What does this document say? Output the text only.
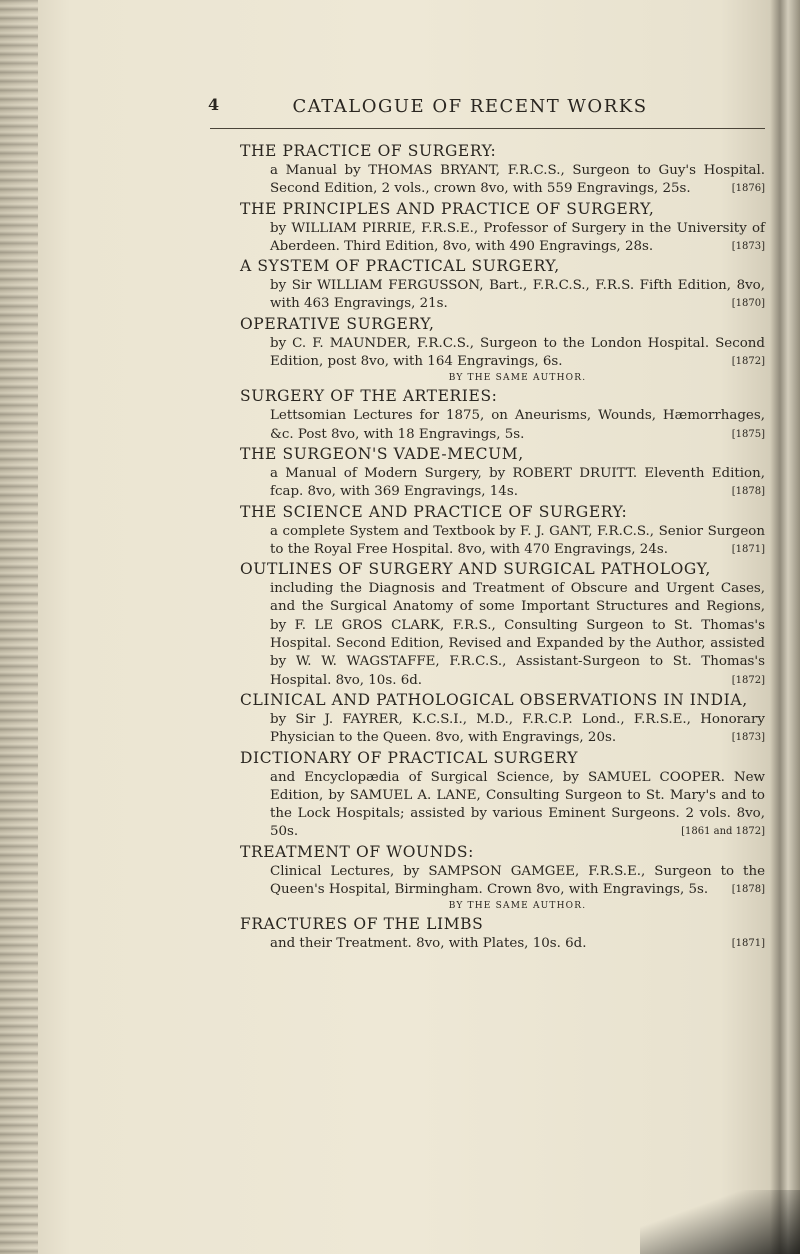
4	CATALOGUE OF RECENT WORKS
THE PRACTICE OF SURGERY:
a Manual by THOMAS BRYANT, F.R.C.S., Surgeon to Guy's Hospital. Second Edition, 2 vols., crown 8vo, with 559 Engravings, 25s.	[1876]
THE PRINCIPLES AND PRACTICE OF SURGERY,
by WILLIAM PIRRIE, F.R.S.E., Professor of Surgery in the University of Aberdeen. Third Edition, 8vo, with 490 Engravings, 28s.	[1873]
A SYSTEM OF PRACTICAL SURGERY,
by Sir WILLIAM FERGUSSON, Bart., F.R.C.S., F.R.S. Fifth Edition, 8vo, with 463 Engravings, 21s.	[1870]
OPERATIVE SURGERY,
by C. F. MAUNDER, F.R.C.S., Surgeon to the London Hospital. Second Edition, post 8vo, with 164 Engravings, 6s.	[1872]
BY THE SAME AUTHOR.
SURGERY OF THE ARTERIES:
Lettsomian Lectures for 1875, on Aneurisms, Wounds, Hæmorrhages, &c. Post 8vo, with 18 Engravings, 5s.	[1875]
THE SURGEON'S VADE-MECUM,
a Manual of Modern Surgery, by ROBERT DRUITT. Eleventh Edition, fcap. 8vo, with 369 Engravings, 14s.	[1878]
THE SCIENCE AND PRACTICE OF SURGERY:
a complete System and Textbook by F. J. GANT, F.R.C.S., Senior Surgeon to the Royal Free Hospital. 8vo, with 470 Engravings, 24s.	[1871]
OUTLINES OF SURGERY AND SURGICAL PATHOLOGY,
including the Diagnosis and Treatment of Obscure and Urgent Cases, and the Surgical Anatomy of some Important Structures and Regions, by F. LE GROS CLARK, F.R.S., Consulting Surgeon to St. Thomas's Hospital. Second Edition, Revised and Expanded by the Author, assisted by W. W. WAGSTAFFE, F.R.C.S., Assistant-Surgeon to St. Thomas's Hospital. 8vo, 10s. 6d.	[1872]
CLINICAL AND PATHOLOGICAL OBSERVATIONS IN INDIA,
by Sir J. FAYRER, K.C.S.I., M.D., F.R.C.P. Lond., F.R.S.E., Honorary Physician to the Queen. 8vo, with Engravings, 20s.	[1873]
DICTIONARY OF PRACTICAL SURGERY
and Encyclopædia of Surgical Science, by SAMUEL COOPER. New Edition, by SAMUEL A. LANE, Consulting Surgeon to St. Mary's and to the Lock Hospitals; assisted by various Eminent Surgeons. 2 vols. 8vo, 50s.	[1861 and 1872]
TREATMENT OF WOUNDS:
Clinical Lectures, by SAMPSON GAMGEE, F.R.S.E., Surgeon to the Queen's Hospital, Birmingham. Crown 8vo, with Engravings, 5s. [1878]
BY THE SAME AUTHOR.
FRACTURES OF THE LIMBS
and their Treatment. 8vo, with Plates, 10s. 6d.	[1871]
